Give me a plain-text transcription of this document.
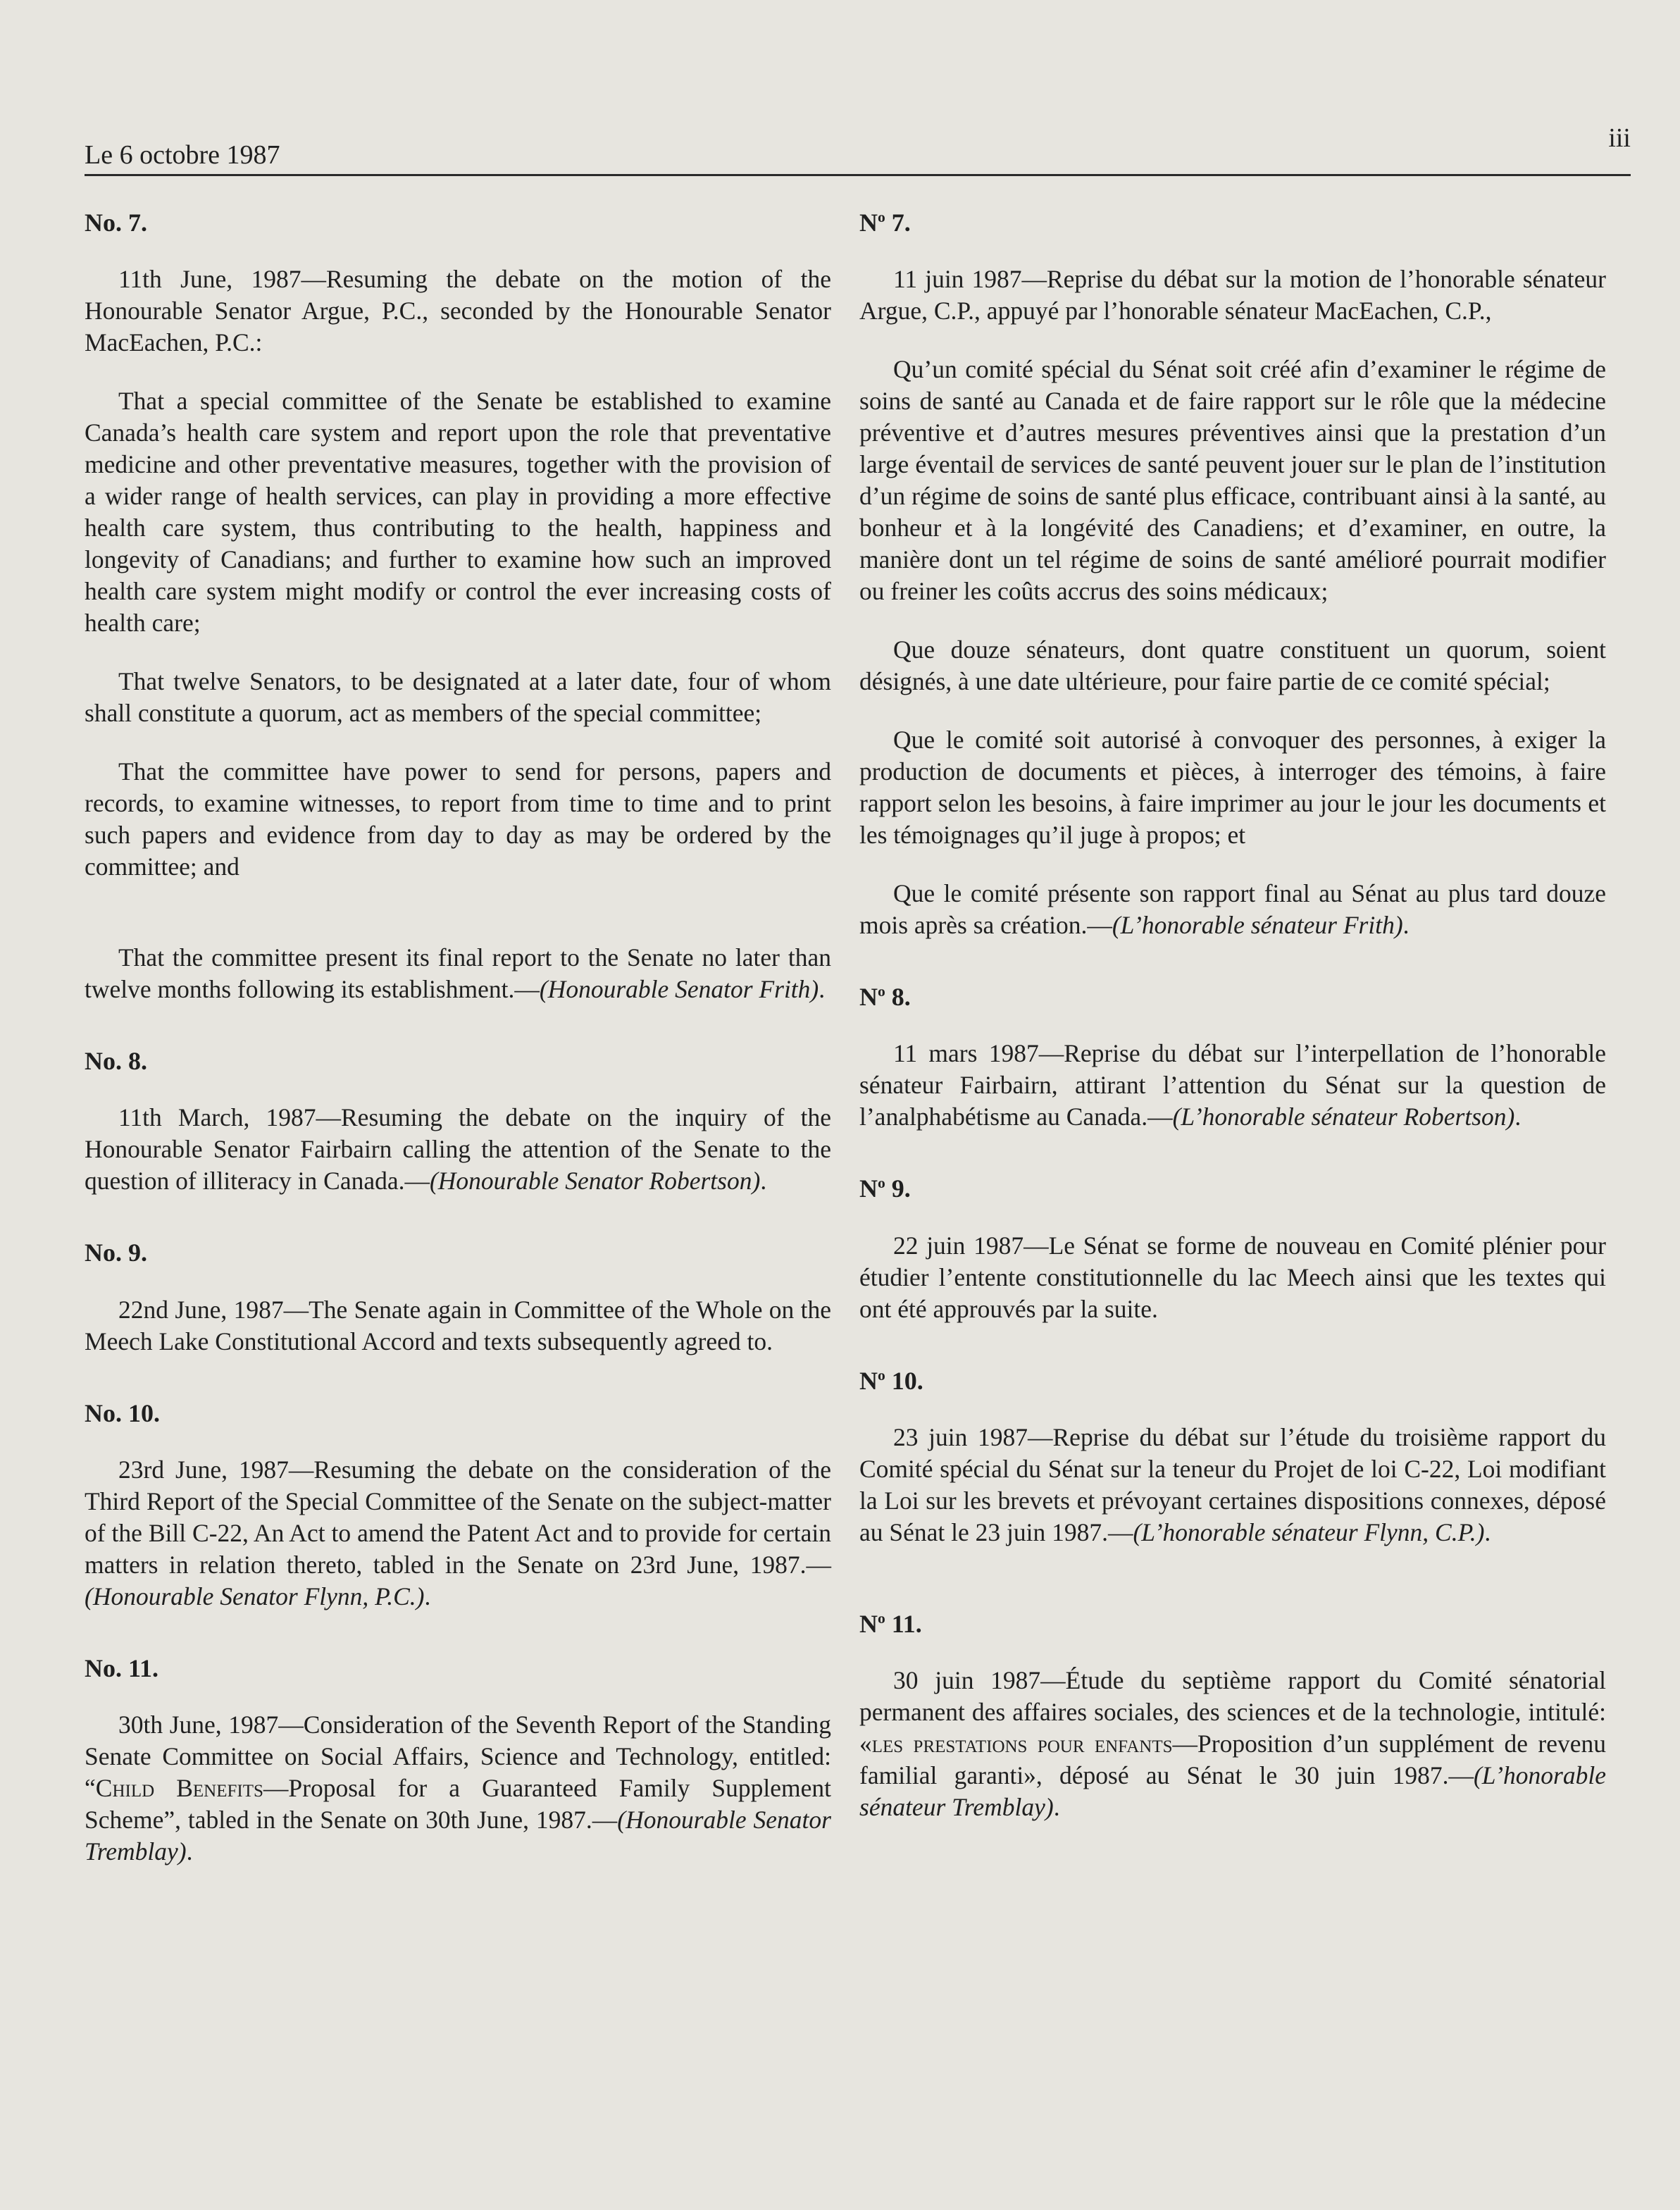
Le 6 octobre 1987
iii
No. 7.

11th June, 1987—Resuming the debate on the motion of the Honourable Senator Argue, P.C., seconded by the Honourable Senator MacEachen, P.C.:

That a special committee of the Senate be established to examine Canada’s health care system and report upon the role that preventative medicine and other preventative measures, together with the provision of a wider range of health services, can play in providing a more effective health care system, thus contributing to the health, happiness and longevity of Canadians; and further to examine how such an improved health care system might modify or control the ever increasing costs of health care;

That twelve Senators, to be designated at a later date, four of whom shall constitute a quorum, act as members of the special committee;

That the committee have power to send for persons, papers and records, to examine witnesses, to report from time to time and to print such papers and evidence from day to day as may be ordered by the committee; and

That the committee present its final report to the Senate no later than twelve months following its establishment.—(Honourable Senator Frith).

No. 8.

11th March, 1987—Resuming the debate on the inquiry of the Honourable Senator Fairbairn calling the attention of the Senate to the question of illiteracy in Canada.—(Honourable Senator Robertson).

No. 9.

22nd June, 1987—The Senate again in Committee of the Whole on the Meech Lake Constitutional Accord and texts subsequently agreed to.

No. 10.

23rd June, 1987—Resuming the debate on the consideration of the Third Report of the Special Committee of the Senate on the subject-matter of the Bill C-22, An Act to amend the Patent Act and to provide for certain matters in relation thereto, tabled in the Senate on 23rd June, 1987.—(Honourable Senator Flynn, P.C.).

No. 11.

30th June, 1987—Consideration of the Seventh Report of the Standing Senate Committee on Social Affairs, Science and Technology, entitled: “Child Benefits—Proposal for a Guaranteed Family Supplement Scheme”, tabled in the Senate on 30th June, 1987.—(Honourable Senator Tremblay).

$N^o$ 7.

11 juin 1987—Reprise du débat sur la motion de l’honorable sénateur Argue, C.P., appuyé par l’honorable sénateur MacEachen, C.P.,

Qu’un comité spécial du Sénat soit créé afin d’examiner le régime de soins de santé au Canada et de faire rapport sur le rôle que la médecine préventive et d’autres mesures préventives ainsi que la prestation d’un large éventail de services de santé peuvent jouer sur le plan de l’institution d’un régime de soins de santé plus efficace, contribuant ainsi à la santé, au bonheur et à la longévité des Canadiens; et d’examiner, en outre, la manière dont un tel régime de soins de santé amélioré pourrait modifier ou freiner les coûts accrus des soins médicaux;

Que douze sénateurs, dont quatre constituent un quorum, soient désignés, à une date ultérieure, pour faire partie de ce comité spécial;

Que le comité soit autorisé à convoquer des personnes, à exiger la production de documents et pièces, à interroger des témoins, à faire rapport selon les besoins, à faire imprimer au jour le jour les documents et les témoignages qu’il juge à propos; et

Que le comité présente son rapport final au Sénat au plus tard douze mois après sa création.—(L’honorable sénateur Frith).

$N^o$ 8.

11 mars 1987—Reprise du débat sur l’interpellation de l’honorable sénateur Fairbairn, attirant l’attention du Sénat sur la question de l’analphabétisme au Canada.—(L’honorable sénateur Robertson).

$N^o$ 9.

22 juin 1987—Le Sénat se forme de nouveau en Comité plénier pour étudier l’entente constitutionnelle du lac Meech ainsi que les textes qui ont été approuvés par la suite.

$N^o$ 10.

23 juin 1987—Reprise du débat sur l’étude du troisième rapport du Comité spécial du Sénat sur la teneur du Projet de loi C-22, Loi modifiant la Loi sur les brevets et prévoyant certaines dispositions connexes, déposé au Sénat le 23 juin 1987.—(L’honorable sénateur Flynn, C.P.).

$N^o$ 11.

30 juin 1987—Étude du septième rapport du Comité sénatorial permanent des affaires sociales, des sciences et de la technologie, intitulé: «les prestations pour enfants—Proposition d’un supplément de revenu familial garanti», déposé au Sénat le 30 juin 1987.—(L’honorable sénateur Tremblay).
